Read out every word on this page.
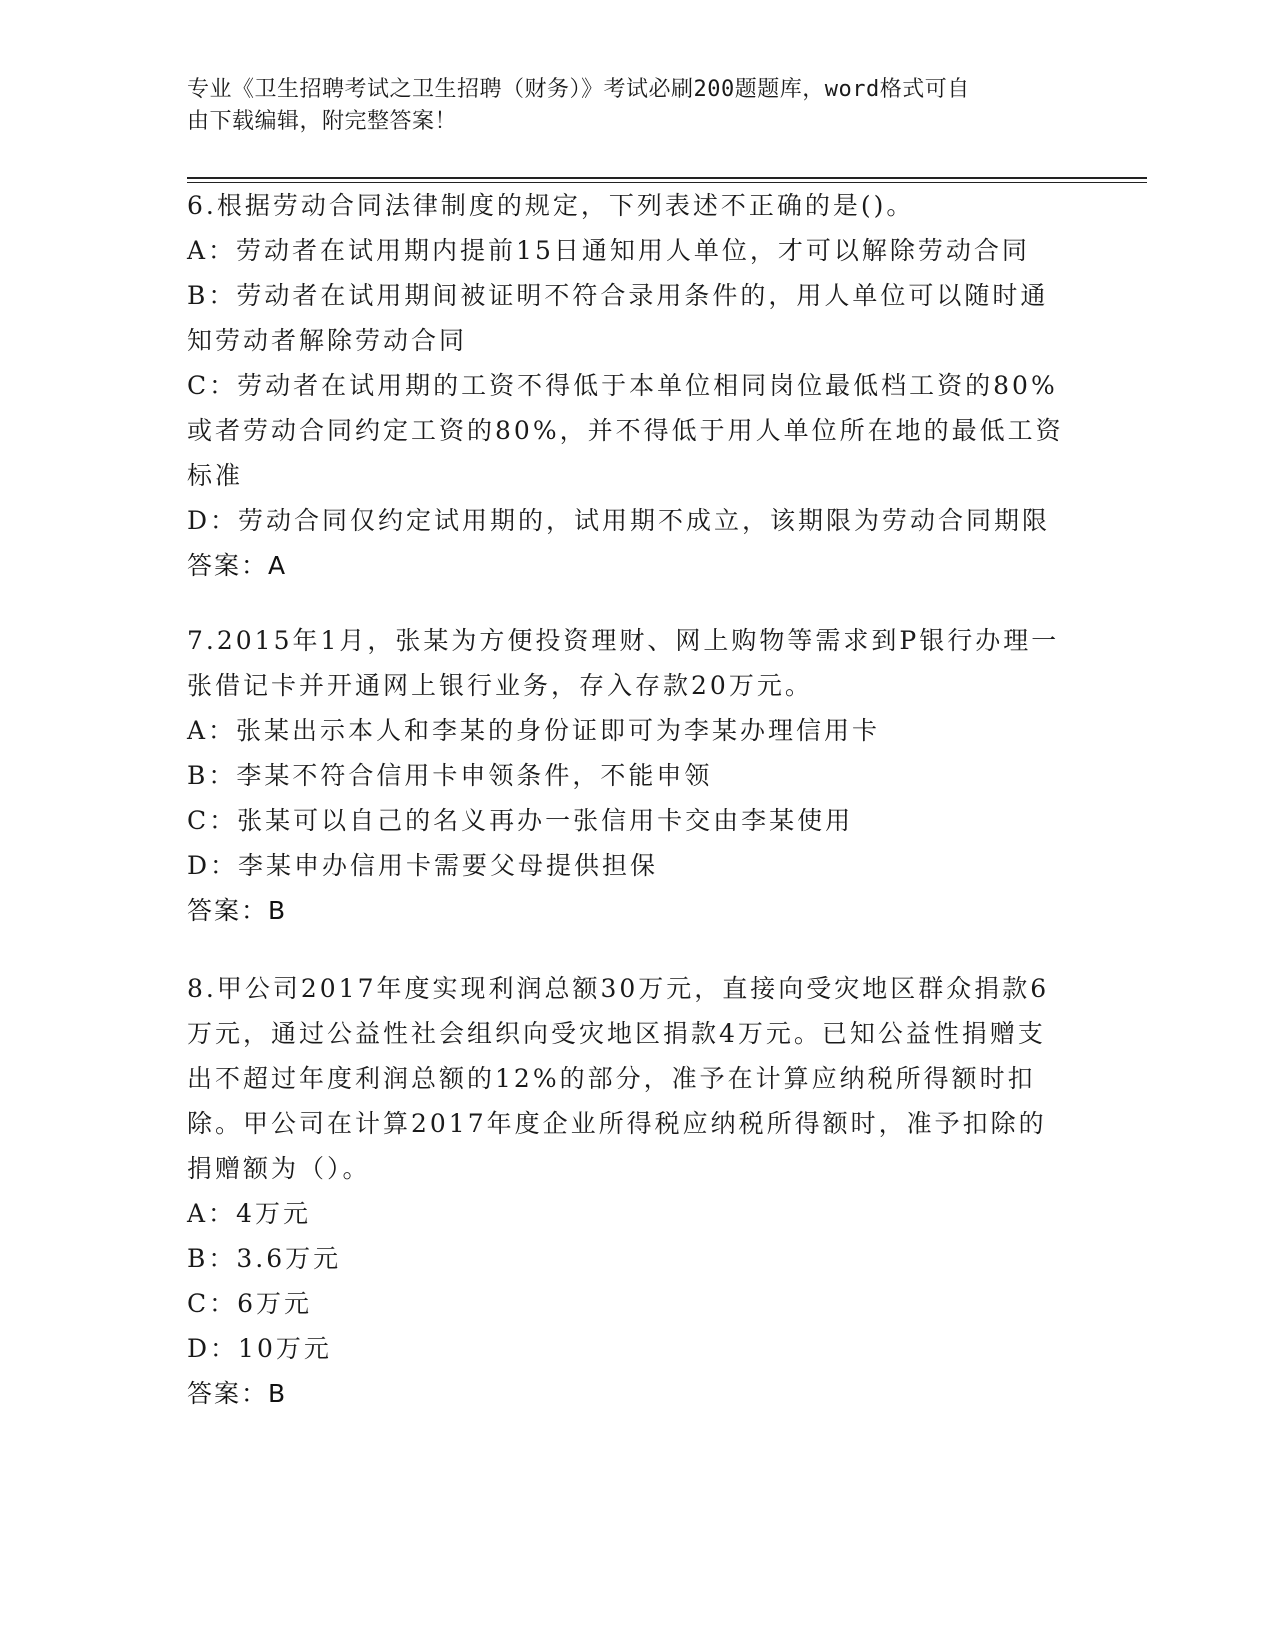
专业《卫生招聘考试之卫生招聘（财务）》考试必刷200题题库，word格式可自
由下载编辑，附完整答案！

6.根据劳动合同法律制度的规定，下列表述不正确的是()。

A：劳动者在试用期内提前15日通知用人单位，才可以解除劳动合同

B：劳动者在试用期间被证明不符合录用条件的，用人单位可以随时通知劳动者解除劳动合同

C：劳动者在试用期的工资不得低于本单位相同岗位最低档工资的80%或者劳动合同约定工资的80%，并不得低于用人单位所在地的最低工资标准

D：劳动合同仅约定试用期的，试用期不成立，该期限为劳动合同期限

答案：A

7.2015年1月，张某为方便投资理财、网上购物等需求到P银行办理一张借记卡并开通网上银行业务，存入存款20万元。

A：张某出示本人和李某的身份证即可为李某办理信用卡

B：李某不符合信用卡申领条件，不能申领

C：张某可以自己的名义再办一张信用卡交由李某使用

D：李某申办信用卡需要父母提供担保

答案：B

8.甲公司2017年度实现利润总额30万元，直接向受灾地区群众捐款6万元，通过公益性社会组织向受灾地区捐款4万元。已知公益性捐赠支出不超过年度利润总额的12%的部分，准予在计算应纳税所得额时扣除。甲公司在计算2017年度企业所得税应纳税所得额时，准予扣除的捐赠额为（）。

A：4万元

B：3.6万元

C：6万元

D：10万元

答案：B
